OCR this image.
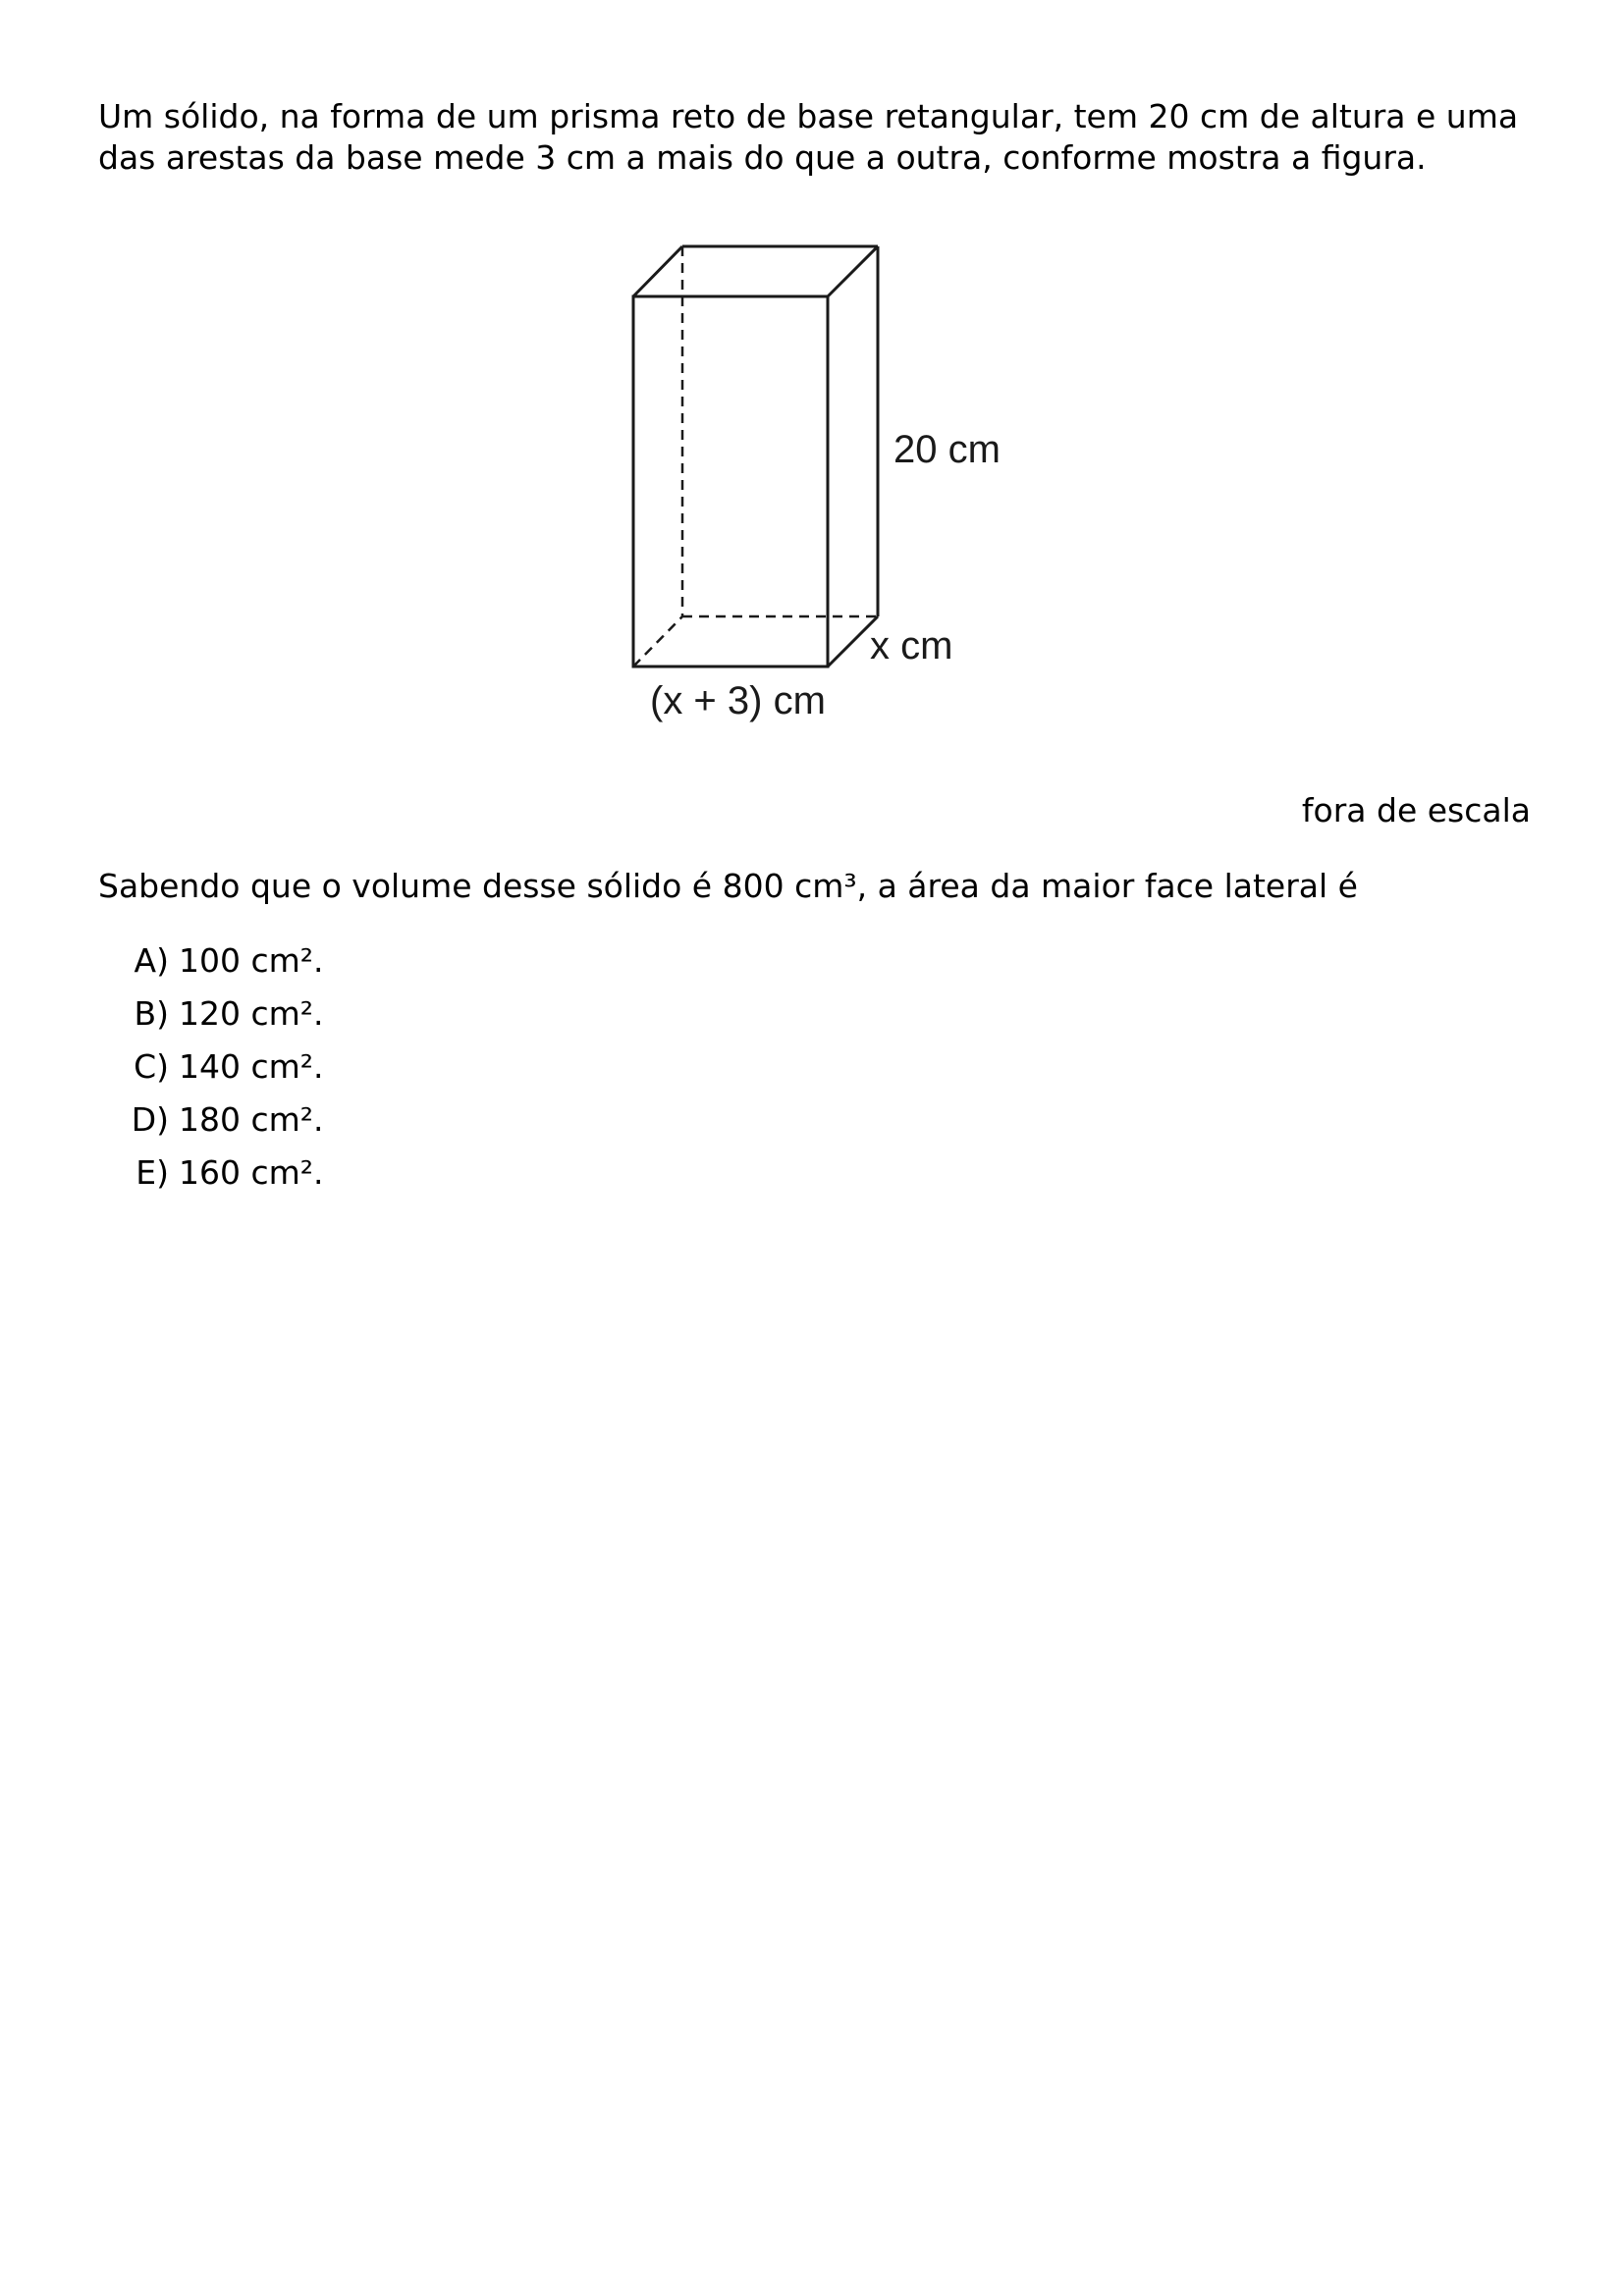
Um sólido, na forma de um prisma reto de base retangular, tem 20 cm de altura e uma das arestas da base mede 3 cm a mais do que a outra, conforme mostra a figura.

20 cm
x cm
(x + 3) cm

fora de escala

Sabendo que o volume desse sólido é 800 cm³, a área da maior face lateral é

A) 100 cm².
B) 120 cm².
C) 140 cm².
D) 180 cm².
E) 160 cm².
